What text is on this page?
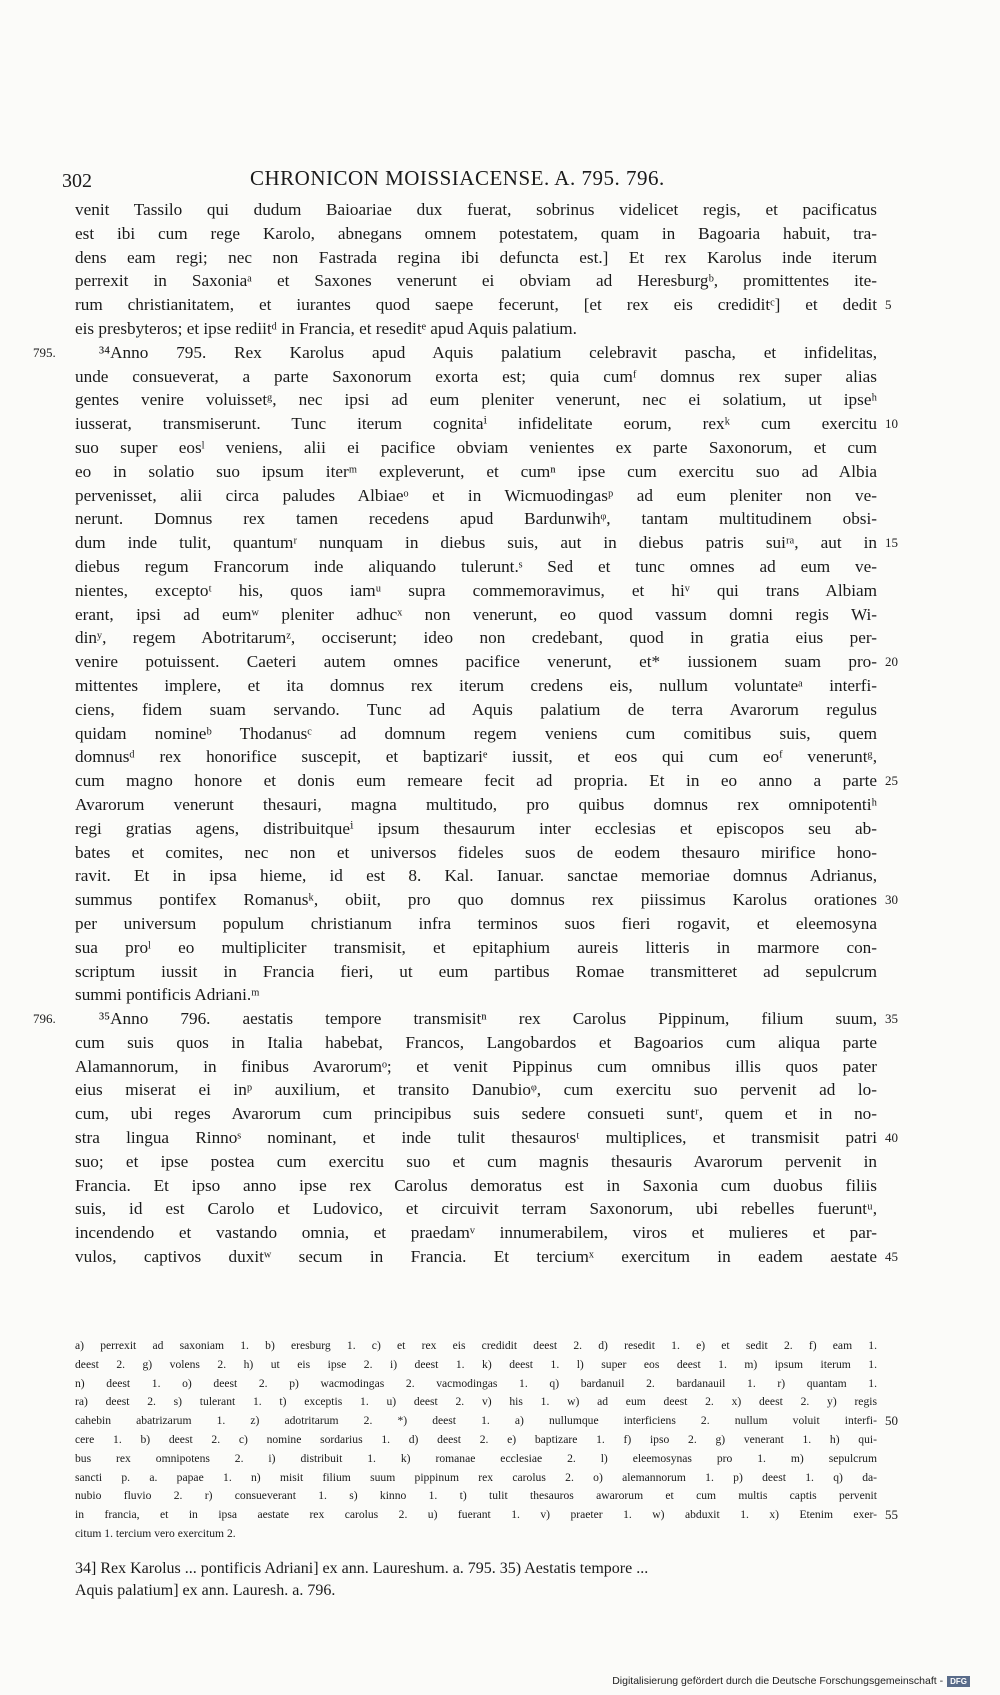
302	CHRONICON MOISSIACENSE. A. 795. 796.
venit Tassilo qui dudum Baioariae dux fuerat, sobrinus videlicet regis, et pacificatus
est ibi cum rege Karolo, abnegans omnem potestatem, quam in Bagoaria habuit, tra-
dens eam regi; nec non Fastrada regina ibi defuncta est.] Et rex Karolus inde iterum
perrexit in Saxoniaᵃ et Saxones venerunt ei obviam ad Heresburgᵇ, promittentes ite-
rum christianitatem, et iurantes quod saepe fecerunt, [et rex eis crediditᶜ] et dedit 5
eis presbyteros; et ipse rediitᵈ in Francia, et reseditᵉ apud Aquis palatium.
³⁴Anno 795. Rex Karolus apud Aquis palatium celebravit pascha, et infidelitas,
795.
unde consueverat, a parte Saxonorum exorta est; quia cumᶠ domnus rex super alias
gentes venire voluissetᵍ, nec ipsi ad eum pleniter venerunt, nec ei solatium, ut ipseʰ
iusserat, transmiserunt. Tunc iterum cognitaⁱ infidelitate eorum, rexᵏ cum exercitu 10
suo super eosˡ veniens, alii ei pacifice obviam venientes ex parte Saxonorum, et cum
eo in solatio suo ipsum iterᵐ expleverunt, et cumⁿ ipse cum exercitu suo ad Albia
pervenisset, alii circa paludes Albiaeᵒ et in Wicmuodingasᵖ ad eum pleniter non ve-
nerunt. Domnus rex tamen recedens apud Bardunwihᵠ, tantam multitudinem obsi-
dum inde tulit, quantumʳ nunquam in diebus suis, aut in diebus patris suiʳᵃ, aut in 15
diebus regum Francorum inde aliquando tulerunt.ˢ Sed et tunc omnes ad eum ve-
nientes, exceptoᵗ his, quos iamᵘ supra commemoravimus, et hiᵛ qui trans Albiam
erant, ipsi ad eumʷ pleniter adhucˣ non venerunt, eo quod vassum domni regis Wi-
dinʸ, regem Abotritarumᶻ, occiserunt; ideo non credebant, quod in gratia eius per-
venire potuissent. Caeteri autem omnes pacifice venerunt, et* iussionem suam pro- 20
mittentes implere, et ita domnus rex iterum credens eis, nullum voluntateᵃ interfi-
ciens, fidem suam servando. Tunc ad Aquis palatium de terra Avarorum regulus
quidam nomineᵇ Thodanusᶜ ad domnum regem veniens cum comitibus suis, quem
domnusᵈ rex honorifice suscepit, et baptizariᵉ iussit, et eos qui cum eoᶠ veneruntᵍ,
cum magno honore et donis eum remeare fecit ad propria. Et in eo anno a parte 25
Avarorum venerunt thesauri, magna multitudo, pro quibus domnus rex omnipotentiʰ
regi gratias agens, distribuitqueⁱ ipsum thesaurum inter ecclesias et episcopos seu ab-
bates et comites, nec non et universos fideles suos de eodem thesauro mirifice hono-
ravit. Et in ipsa hieme, id est 8. Kal. Ianuar. sanctae memoriae domnus Adrianus,
summus pontifex Romanusᵏ, obiit, pro quo domnus rex piissimus Karolus orationes 30
per universum populum christianum infra terminos suos fieri rogavit, et eleemosyna
sua proˡ eo multipliciter transmisit, et epitaphium aureis litteris in marmore con-
scriptum iussit in Francia fieri, ut eum partibus Romae transmitteret ad sepulcrum
summi pontificis Adriani.ᵐ
³⁵Anno 796. aestatis tempore transmisitⁿ rex Carolus Pippinum, filium suum,
796.	35
cum suis quos in Italia habebat, Francos, Langobardos et Bagoarios cum aliqua parte
Alamannorum, in finibus Avarorumᵒ; et venit Pippinus cum omnibus illis quos pater
eius miserat ei inᵖ auxilium, et transito Danubioᵠ, cum exercitu suo pervenit ad lo-
cum, ubi reges Avarorum cum principibus suis sedere consueti suntʳ, quem et in no-
stra lingua Rinnoˢ nominant, et inde tulit thesaurosᵗ multiplices, et transmisit patri 40
suo; et ipse postea cum exercitu suo et cum magnis thesauris Avarorum pervenit in
Francia. Et ipso anno ipse rex Carolus demoratus est in Saxonia cum duobus filiis
suis, id est Carolo et Ludovico, et circuivit terram Saxonorum, ubi rebelles fueruntᵘ,
incendendo et vastando omnia, et praedamᵛ innumerabilem, viros et mulieres et par-
vulos, captivos duxitʷ secum in Francia. Et terciumˣ exercitum in eadem aestate 45
a) perrexit ad saxoniam 1. b) eresburg 1. c) et rex eis credidit deest 2. d) resedit 1. e) et sedit 2. f) eam 1.
deest 2. g) volens 2. h) ut eis ipse 2. i) deest 1. k) deest 1. l) super eos deest 1. m) ipsum iterum 1.
n) deest 1. o) deest 2. p) wacmodingas 2. vacmodingas 1. q) bardanuil 2. bardanauil 1. r) quantam 1.
ra) deest 2. s) tulerant 1. t) exceptis 1. u) deest 2. v) his 1. w) ad eum deest 2. x) deest 2. y) regis
cahebin abatrizarum 1. z) adotritarum 2. *) deest 1. a) nullumque interficiens 2. nullum voluit interfi- 50
cere 1. b) deest 2. c) nomine sordarius 1. d) deest 2. e) baptizare 1. f) ipso 2. g) venerant 1. h) qui-
bus rex omnipotens 2. i) distribuit 1. k) romanae ecclesiae 2. l) eleemosynas pro 1. m) sepulcrum
sancti p. a. papae 1. n) misit filium suum pippinum rex carolus 2. o) alemannorum 1. p) deest 1. q) da-
nubio fluvio 2. r) consueverant 1. s) kinno 1. t) tulit thesauros awarorum et cum multis captis pervenit
in francia, et in ipsa aestate rex carolus 2. u) fuerant 1. v) praeter 1. w) abduxit 1. x) Etenim exer- 55
citum 1. tercium vero exercitum 2.
34] Rex Karolus ... pontificis Adriani] ex ann. Laureshum. a. 795. 35) Aestatis tempore ...
Aquis palatium] ex ann. Lauresh. a. 796.
Digitalisierung gefördert durch die Deutsche Forschungsgemeinschaft - DFG
